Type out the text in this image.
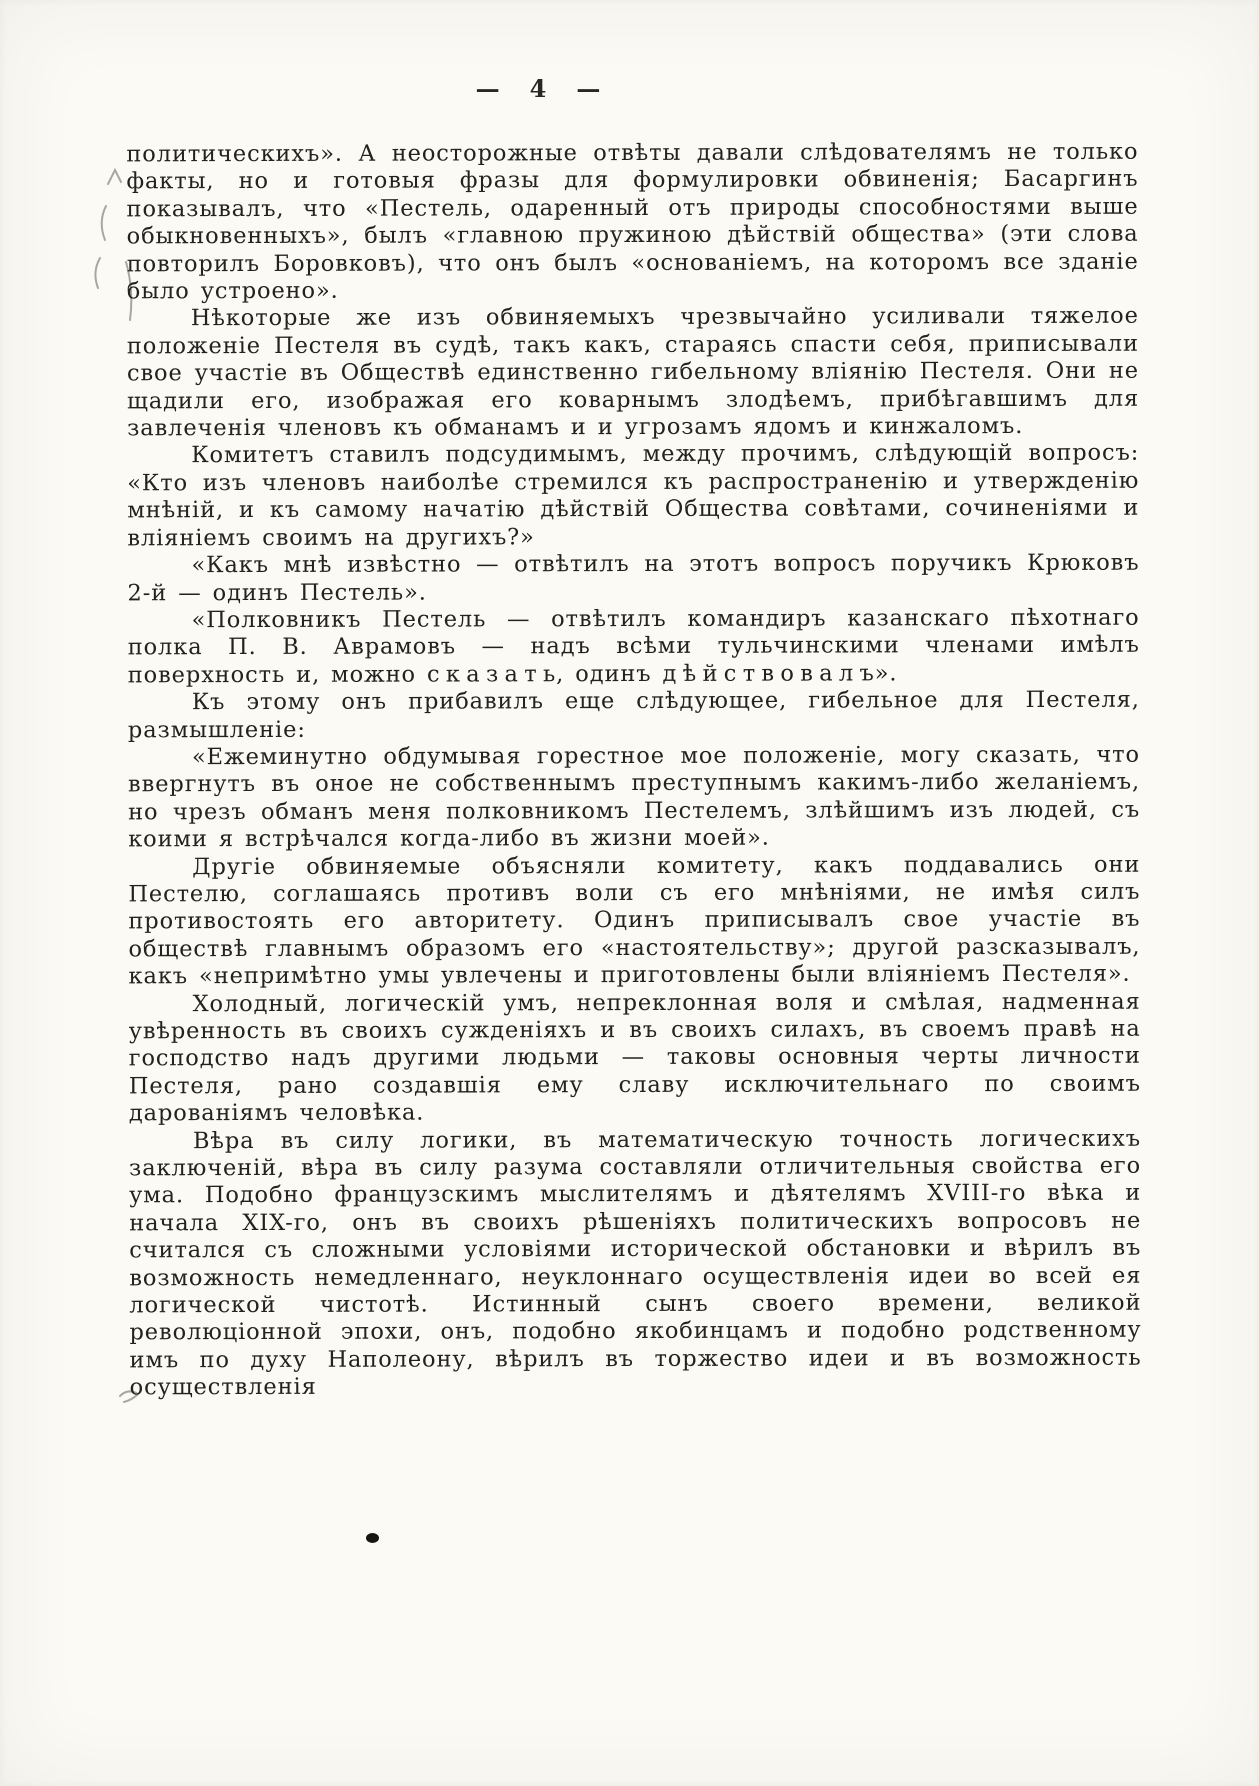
— 4 —

политическихъ». А неосторожные отвѣты давали слѣдователямъ не только факты, но и готовыя фразы для формулировки обвиненія; Басаргинъ показывалъ, что «Пестель, одаренный отъ природы способностями выше обыкновенныхъ», былъ «главною пружиною дѣйствій общества» (эти слова повторилъ Боровковъ), что онъ былъ «основаніемъ, на которомъ все зданіе было устроено».

Нѣкоторые же изъ обвиняемыхъ чрезвычайно усиливали тяжелое положеніе Пестеля въ судѣ, такъ какъ, стараясь спасти себя, приписывали свое участіе въ Обществѣ единственно гибельному вліянію Пестеля. Они не щадили его, изображая его коварнымъ злодѣемъ, прибѣгавшимъ для завлеченія членовъ къ обманамъ и и угрозамъ ядомъ и кинжаломъ.

Комитетъ ставилъ подсудимымъ, между прочимъ, слѣдующій вопросъ: «Кто изъ членовъ наиболѣе стремился къ распространенію и утвержденію мнѣній, и къ самому начатію дѣйствій Общества совѣтами, сочиненіями и вліяніемъ своимъ на другихъ?»

«Какъ мнѣ извѣстно — отвѣтилъ на этотъ вопросъ поручикъ Крюковъ 2-й — одинъ Пестель».

«Полковникъ Пестель — отвѣтилъ командиръ казанскаго пѣхотнаго полка П. В. Аврамовъ — надъ всѣми тульчинскими членами имѣлъ поверхность и, можно с к а з а т ь, одинъ д ѣ й с т в о в а л ъ».

Къ этому онъ прибавилъ еще слѣдующее, гибельное для Пестеля, размышленіе:

«Ежеминутно обдумывая горестное мое положеніе, могу сказать, что ввергнутъ въ оное не собственнымъ преступнымъ какимъ-либо желаніемъ, но чрезъ обманъ меня полковникомъ Пестелемъ, злѣйшимъ изъ людей, съ коими я встрѣчался когда-либо въ жизни моей».

Другіе обвиняемые объясняли комитету, какъ поддавались они Пестелю, соглашаясь противъ воли съ его мнѣніями, не имѣя силъ противостоять его авторитету. Одинъ приписывалъ свое участіе въ обществѣ главнымъ образомъ его «настоятельству»; другой разсказывалъ, какъ «непримѣтно умы увлечены и приготовлены были вліяніемъ Пестеля».

Холодный, логическій умъ, непреклонная воля и смѣлая, надменная увѣренность въ своихъ сужденіяхъ и въ своихъ силахъ, въ своемъ правѣ на господство надъ другими людьми — таковы основныя черты личности Пестеля, рано создавшія ему славу исключительнаго по своимъ дарованіямъ человѣка.

Вѣра въ силу логики, въ математическую точность логическихъ заключеній, вѣра въ силу разума составляли отличительныя свойства его ума. Подобно французскимъ мыслителямъ и дѣятелямъ XVIII-го вѣка и начала XIX-го, онъ въ своихъ рѣшеніяхъ политическихъ вопросовъ не считался съ сложными условіями исторической обстановки и вѣрилъ въ возможность немедленнаго, неуклоннаго осуществленія идеи во всей ея логической чистотѣ. Истинный сынъ своего времени, великой революціонной эпохи, онъ, подобно якобинцамъ и подобно родственному имъ по духу Наполеону, вѣрилъ въ торжество идеи и въ возможность осуществленія
